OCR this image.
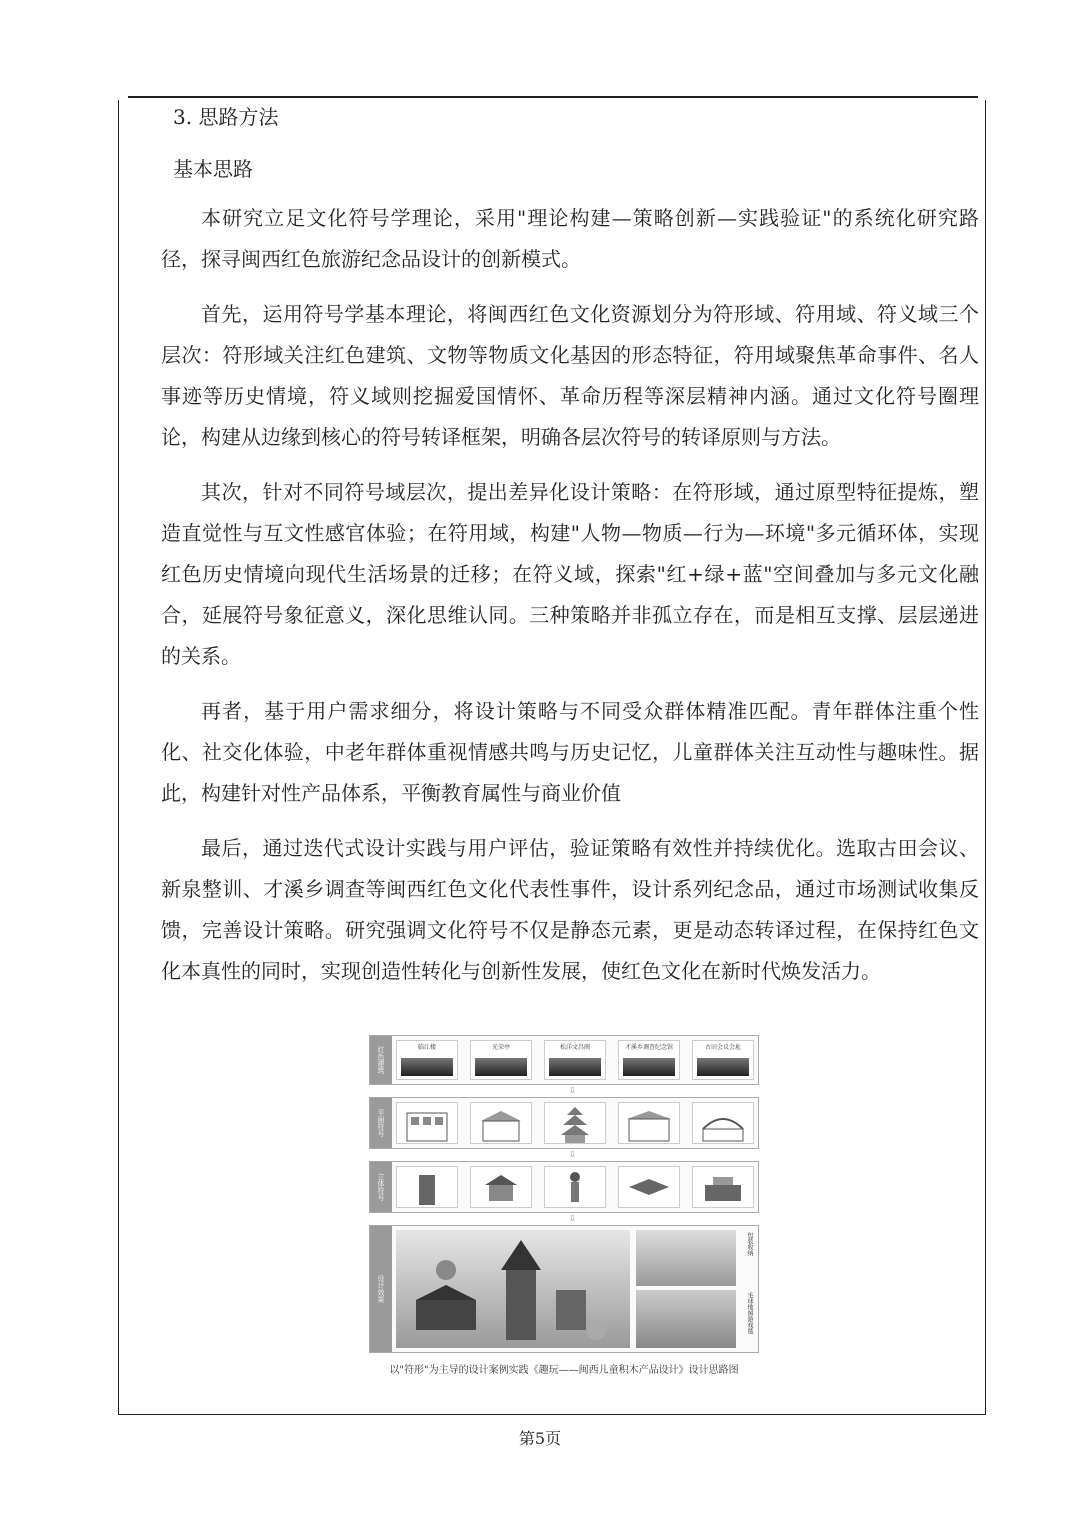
3. 思路方法

基本思路

本研究立足文化符号学理论，采用"理论构建—策略创新—实践验证"的系统化研究路径，探寻闽西红色旅游纪念品设计的创新模式。

首先，运用符号学基本理论，将闽西红色文化资源划分为符形域、符用域、符义域三个层次：符形域关注红色建筑、文物等物质文化基因的形态特征，符用域聚焦革命事件、名人事迹等历史情境，符义域则挖掘爱国情怀、革命历程等深层精神内涵。通过文化符号圈理论，构建从边缘到核心的符号转译框架，明确各层次符号的转译原则与方法。

其次，针对不同符号域层次，提出差异化设计策略：在符形域，通过原型特征提炼，塑造直觉性与互文性感官体验；在符用域，构建"人物—物质—行为—环境"多元循环体，实现红色历史情境向现代生活场景的迁移；在符义域，探索"红+绿+蓝"空间叠加与多元文化融合，延展符号象征意义，深化思维认同。三种策略并非孤立存在，而是相互支撑、层层递进的关系。

再者，基于用户需求细分，将设计策略与不同受众群体精准匹配。青年群体注重个性化、社交化体验，中老年群体重视情感共鸣与历史记忆，儿童群体关注互动性与趣味性。据此，构建针对性产品体系，平衡教育属性与商业价值

最后，通过迭代式设计实践与用户评估，验证策略有效性并持续优化。选取古田会议、新泉整训、才溪乡调查等闽西红色文化代表性事件，设计系列纪念品，通过市场测试收集反馈，完善设计策略。研究强调文化符号不仅是静态元素，更是动态转译过程，在保持红色文化本真性的同时，实现创造性转化与创新性发展，使红色文化在新时代焕发活力。

红色建筑	临江楼	光荣亭	松洋文昌阁	才溪乡调查纪念馆	古田会议会址
平面符号
立体符号
设计效果
包装收纳
毛球地图游戏毯
⇩
⇩
⇩
以"符形"为主导的设计案例实践《趣玩——闽西儿童积木产品设计》设计思路图
第5页
